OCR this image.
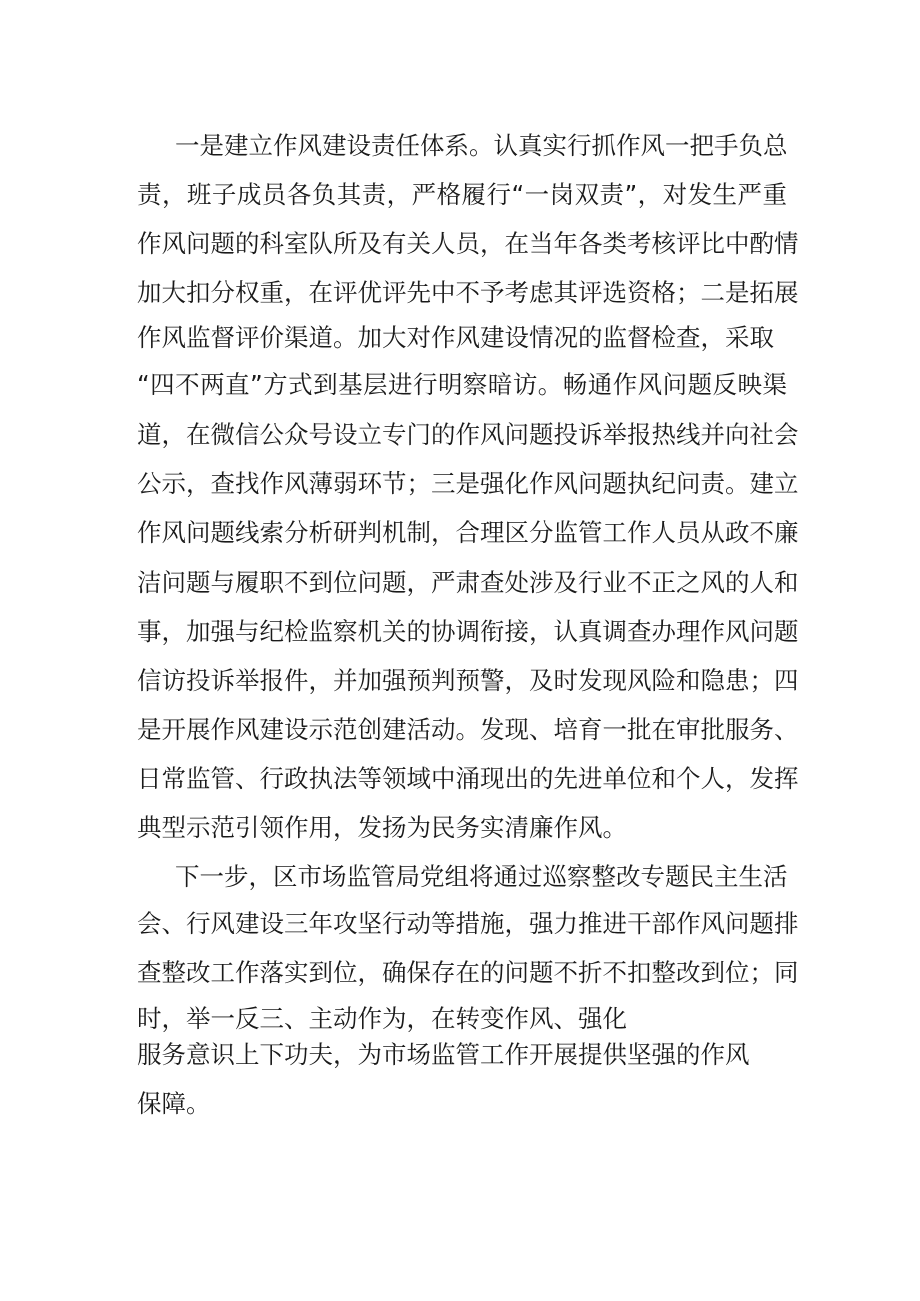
一是建立作风建设责任体系。认真实行抓作风一把手负总

责，班子成员各负其责，严格履行“一岗双责”，对发生严重

作风问题的科室队所及有关人员，在当年各类考核评比中酌情

加大扣分权重，在评优评先中不予考虑其评选资格；二是拓展

作风监督评价渠道。加大对作风建设情况的监督检查，采取

“四不两直”方式到基层进行明察暗访。畅通作风问题反映渠

道，在微信公众号设立专门的作风问题投诉举报热线并向社会

公示，查找作风薄弱环节；三是强化作风问题执纪问责。建立

作风问题线索分析研判机制，合理区分监管工作人员从政不廉

洁问题与履职不到位问题，严肃查处涉及行业不正之风的人和

事，加强与纪检监察机关的协调衔接，认真调查办理作风问题

信访投诉举报件，并加强预判预警，及时发现风险和隐患；四

是开展作风建设示范创建活动。发现、培育一批在审批服务、

日常监管、行政执法等领域中涌现出的先进单位和个人，发挥

典型示范引领作用，发扬为民务实清廉作风。

下一步，区市场监管局党组将通过巡察整改专题民主生活

会、行风建设三年攻坚行动等措施，强力推进干部作风问题排

查整改工作落实到位，确保存在的问题不折不扣整改到位；同

时，举一反三、主动作为，在转变作风、强化

服务意识上下功夫，为市场监管工作开展提供坚强的作风

保障。
